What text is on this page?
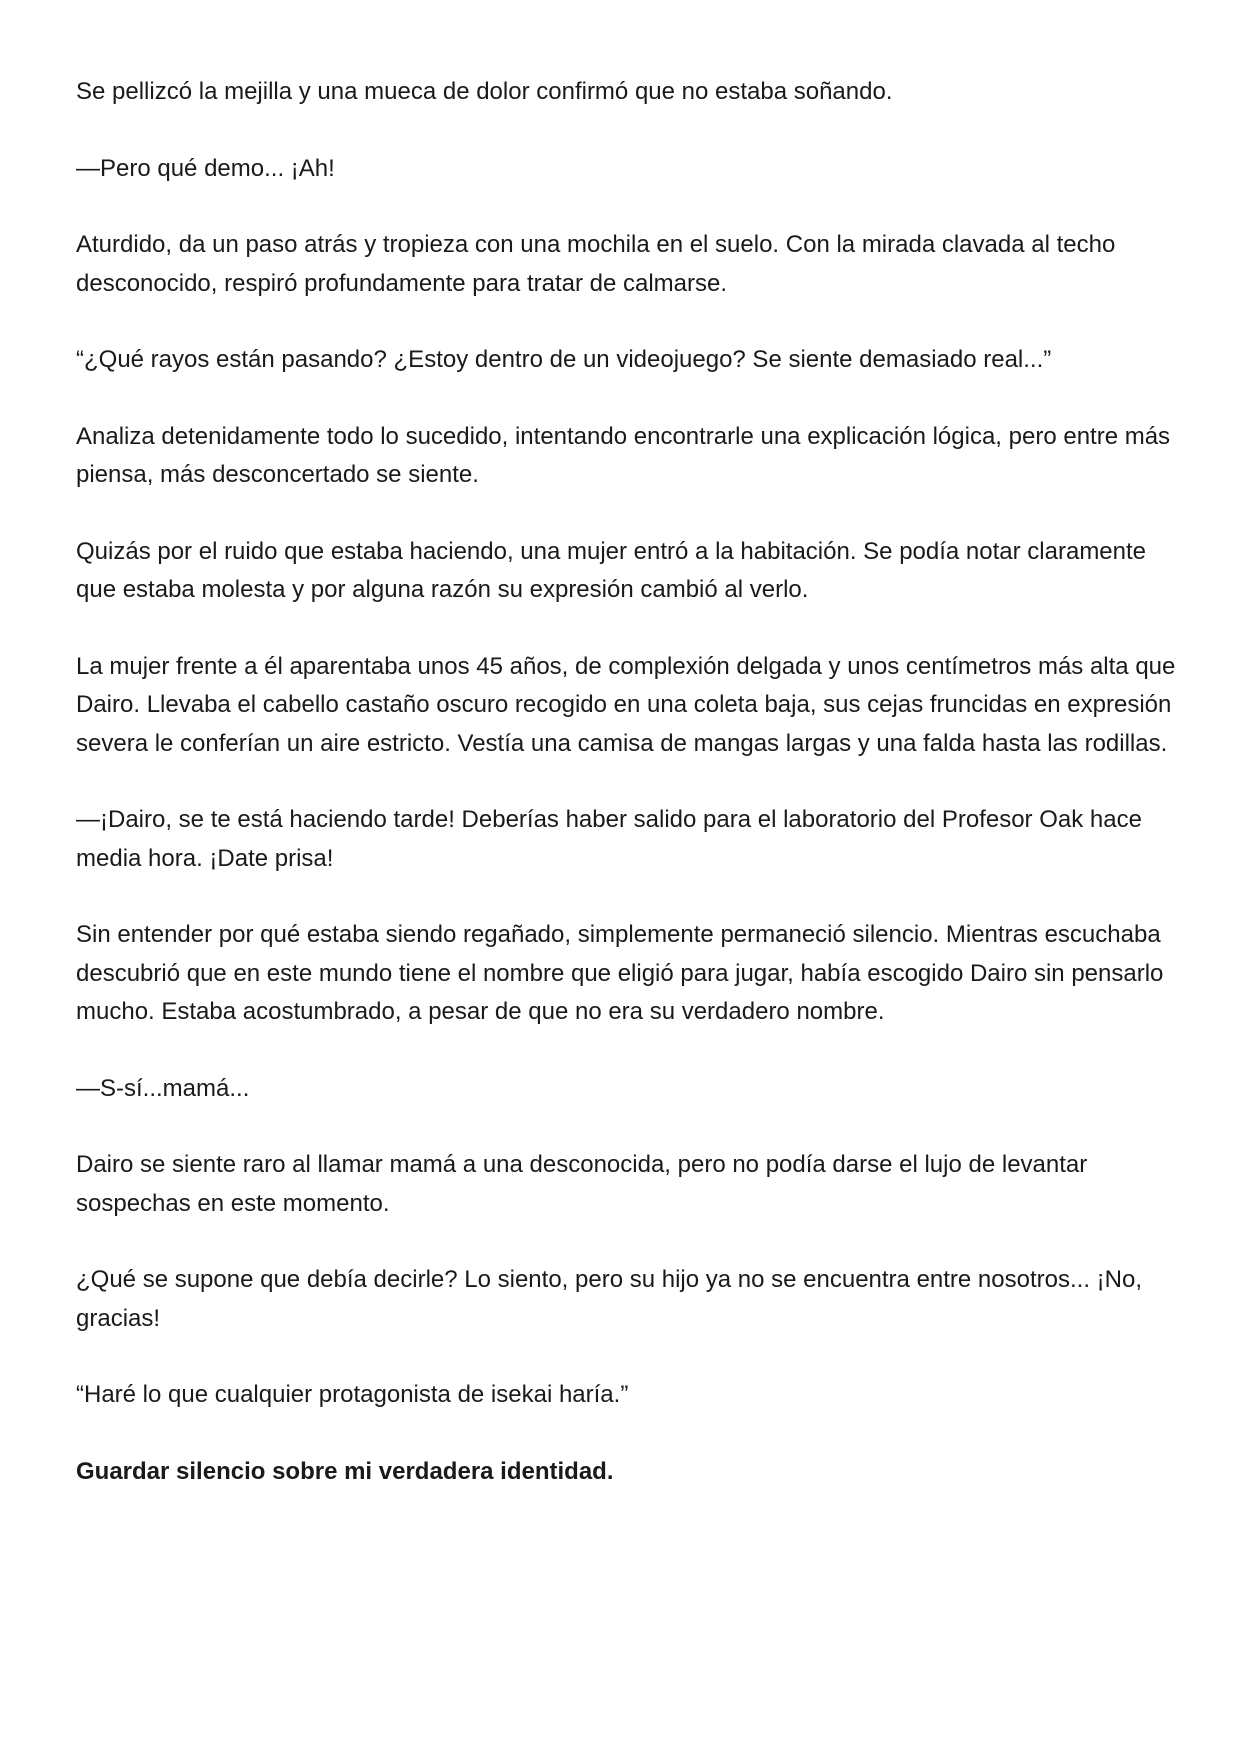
Se pellizcó la mejilla y una mueca de dolor confirmó que no estaba soñando.

—Pero qué demo... ¡Ah!

Aturdido, da un paso atrás y tropieza con una mochila en el suelo. Con la mirada clavada al techo desconocido, respiró profundamente para tratar de calmarse.

“¿Qué rayos están pasando? ¿Estoy dentro de un videojuego? Se siente demasiado real...”

Analiza detenidamente todo lo sucedido, intentando encontrarle una explicación lógica, pero entre más piensa, más desconcertado se siente.

Quizás por el ruido que estaba haciendo, una mujer entró a la habitación. Se podía notar claramente que estaba molesta y por alguna razón su expresión cambió al verlo.

La mujer frente a él aparentaba unos 45 años, de complexión delgada y unos centímetros más alta que Dairo. Llevaba el cabello castaño oscuro recogido en una coleta baja, sus cejas fruncidas en expresión severa le conferían un aire estricto. Vestía una camisa de mangas largas y una falda hasta las rodillas.

—¡Dairo, se te está haciendo tarde! Deberías haber salido para el laboratorio del Profesor Oak hace media hora. ¡Date prisa!

Sin entender por qué estaba siendo regañado, simplemente permaneció silencio. Mientras escuchaba descubrió que en este mundo tiene el nombre que eligió para jugar, había escogido Dairo sin pensarlo mucho. Estaba acostumbrado, a pesar de que no era su verdadero nombre.

—S-sí...mamá...

Dairo se siente raro al llamar mamá a una desconocida, pero no podía darse el lujo de levantar sospechas en este momento.

¿Qué se supone que debía decirle? Lo siento, pero su hijo ya no se encuentra entre nosotros... ¡No, gracias!

“Haré lo que cualquier protagonista de isekai haría.”

Guardar silencio sobre mi verdadera identidad.
